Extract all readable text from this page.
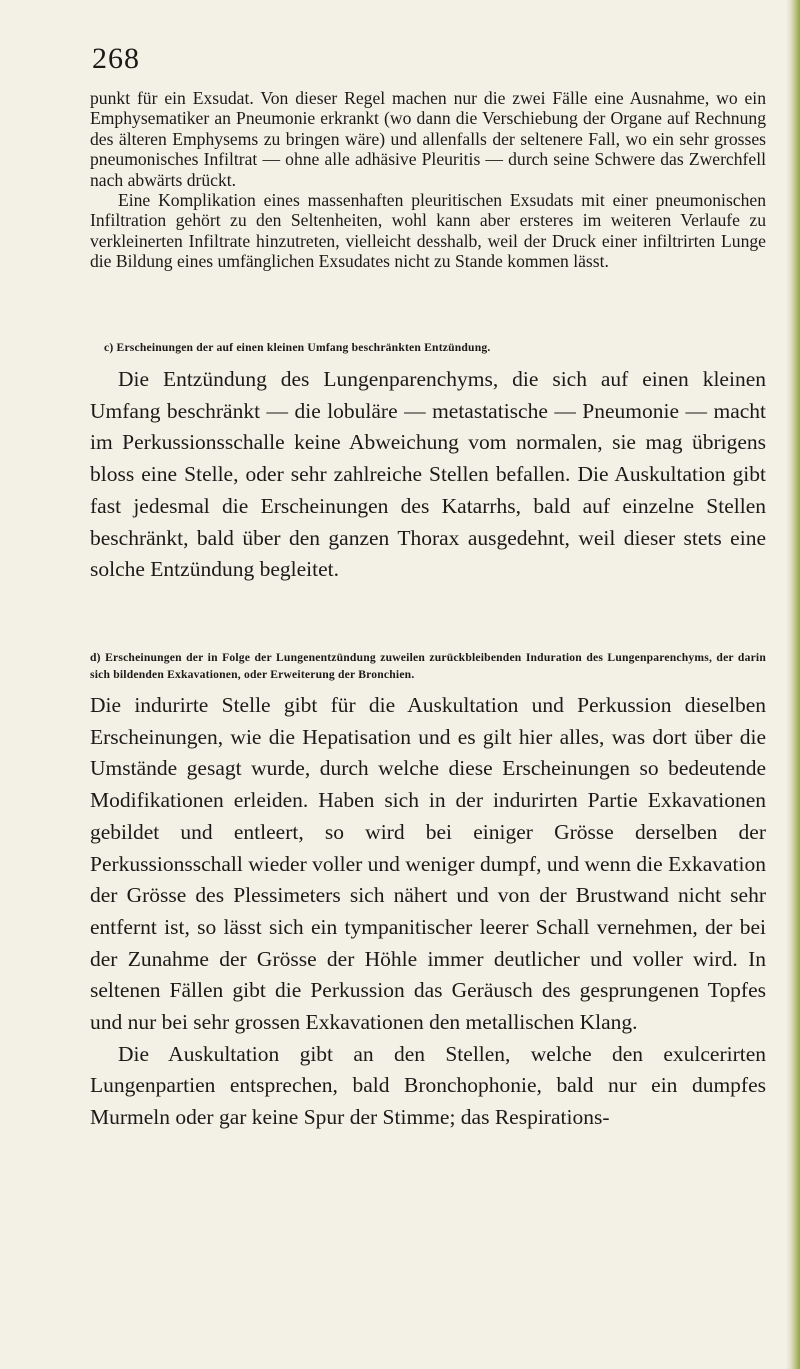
268

punkt für ein Exsudat. Von dieser Regel machen nur die zwei Fälle eine Ausnahme, wo ein Emphysematiker an Pneumonie erkrankt (wo dann die Verschiebung der Organe auf Rechnung des älteren Emphysems zu bringen wäre) und allenfalls der seltenere Fall, wo ein sehr grosses pneumonisches Infiltrat — ohne alle adhäsive Pleuritis — durch seine Schwere das Zwerchfell nach abwärts drückt.

Eine Komplikation eines massenhaften pleuritischen Exsudats mit einer pneumonischen Infiltration gehört zu den Seltenheiten, wohl kann aber ersteres im weiteren Verlaufe zu verkleinerten Infiltrate hinzutreten, vielleicht desshalb, weil der Druck einer infiltrirten Lunge die Bildung eines umfänglichen Exsudates nicht zu Stande kommen lässt.

c) Erscheinungen der auf einen kleinen Umfang beschränkten Entzündung.

Die Entzündung des Lungenparenchyms, die sich auf einen kleinen Umfang beschränkt — die lobuläre — metastatische — Pneumonie — macht im Perkussionsschalle keine Abweichung vom normalen, sie mag übrigens bloss eine Stelle, oder sehr zahlreiche Stellen befallen. Die Auskultation gibt fast jedesmal die Erscheinungen des Katarrhs, bald auf einzelne Stellen beschränkt, bald über den ganzen Thorax ausgedehnt, weil dieser stets eine solche Entzündung begleitet.

d) Erscheinungen der in Folge der Lungenentzündung zuweilen zurückbleibenden Induration des Lungenparenchyms, der darin sich bildenden Exkavationen, oder Erweiterung der Bronchien.

Die indurirte Stelle gibt für die Auskultation und Perkussion dieselben Erscheinungen, wie die Hepatisation und es gilt hier alles, was dort über die Umstände gesagt wurde, durch welche diese Erscheinungen so bedeutende Modifikationen erleiden. Haben sich in der indurirten Partie Exkavationen gebildet und entleert, so wird bei einiger Grösse derselben der Perkussionsschall wieder voller und weniger dumpf, und wenn die Exkavation der Grösse des Plessimeters sich nähert und von der Brustwand nicht sehr entfernt ist, so lässt sich ein tympanitischer leerer Schall vernehmen, der bei der Zunahme der Grösse der Höhle immer deutlicher und voller wird. In seltenen Fällen gibt die Perkussion das Geräusch des gesprungenen Topfes und nur bei sehr grossen Exkavationen den metallischen Klang.

Die Auskultation gibt an den Stellen, welche den exulcerirten Lungenpartien entsprechen, bald Bronchophonie, bald nur ein dumpfes Murmeln oder gar keine Spur der Stimme; das Respirations-
